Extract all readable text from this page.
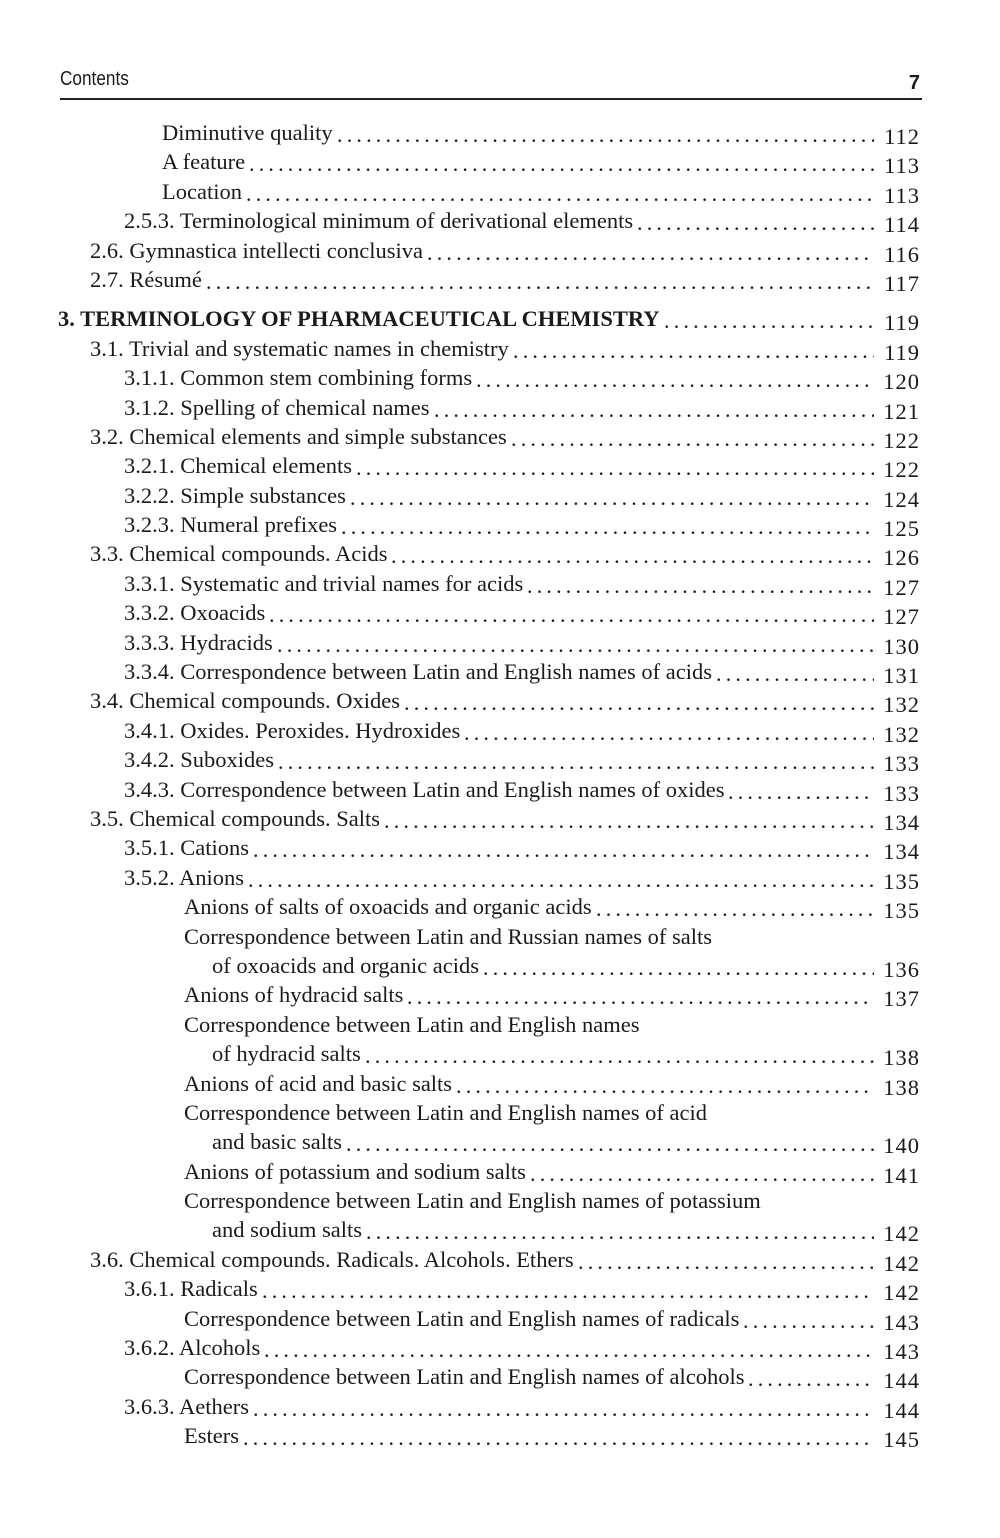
Contents	7
Diminutive quality .....	112
A feature .....	113
Location .....	113
2.5.3. Terminological minimum of derivational elements .....	114
2.6. Gymnastica intellecti conclusiva .....	116
2.7. Résumé .....	117
3. TERMINOLOGY OF PHARMACEUTICAL CHEMISTRY .....	119
3.1. Trivial and systematic names in chemistry .....	119
3.1.1. Common stem combining forms .....	120
3.1.2. Spelling of chemical names .....	121
3.2. Chemical elements and simple substances .....	122
3.2.1. Chemical elements .....	122
3.2.2. Simple substances .....	124
3.2.3. Numeral prefixes .....	125
3.3. Chemical compounds. Acids .....	126
3.3.1. Systematic and trivial names for acids .....	127
3.3.2. Oxoacids .....	127
3.3.3. Hydracids .....	130
3.3.4. Correspondence between Latin and English names of acids .....	131
3.4. Chemical compounds. Oxides .....	132
3.4.1. Oxides. Peroxides. Hydroxides .....	132
3.4.2. Suboxides .....	133
3.4.3. Correspondence between Latin and English names of oxides .....	133
3.5. Chemical compounds. Salts .....	134
3.5.1. Cations .....	134
3.5.2. Anions .....	135
Anions of salts of oxoacids and organic acids .....	135
Correspondence between Latin and Russian names of salts
of oxoacids and organic acids .....	136
Anions of hydracid salts .....	137
Correspondence between Latin and English names
of hydracid salts .....	138
Anions of acid and basic salts .....	138
Correspondence between Latin and English names of acid
and basic salts .....	140
Anions of potassium and sodium salts .....	141
Correspondence between Latin and English names of potassium
and sodium salts .....	142
3.6. Chemical compounds. Radicals. Alcohols. Ethers .....	142
3.6.1. Radicals .....	142
Correspondence between Latin and English names of radicals .....	143
3.6.2. Alcohols .....	143
Correspondence between Latin and English names of alcohols .....	144
3.6.3. Aethers .....	144
Esters .....	145
